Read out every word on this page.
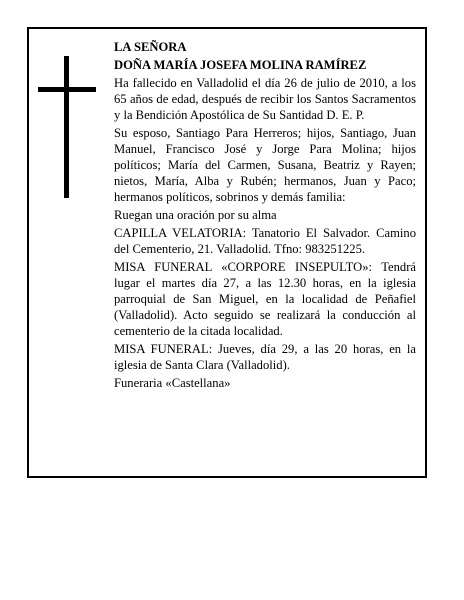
LA SEÑORA

DOÑA MARÍA JOSEFA MOLINA RAMÍREZ

Ha fallecido en Valladolid el día 26 de julio de 2010, a los 65 años de edad, después de recibir los Santos Sacramentos y la Bendición Apostólica de Su Santidad D. E. P.

Su esposo, Santiago Para Herreros; hijos, Santiago, Juan Manuel, Francisco José y Jorge Para Molina; hijos políticos; María del Carmen, Susana, Beatriz y Rayen; nietos, María, Alba y Rubén; hermanos, Juan y Paco; hermanos políticos, sobrinos y demás familia:

Ruegan una oración por su alma

CAPILLA VELATORIA: Tanatorio El Salvador. Camino del Cementerio, 21. Valladolid. Tfno: 983251225.

MISA FUNERAL «CORPORE INSEPULTO»: Tendrá lugar el martes día 27, a las 12.30 horas, en la iglesia parroquial de San Miguel, en la localidad de Peñafiel (Valladolid). Acto seguido se realizará la conducción al cementerio de la citada localidad.

MISA FUNERAL: Jueves, día 29, a las 20 horas, en la iglesia de Santa Clara (Valladolid).

Funeraria «Castellana»
